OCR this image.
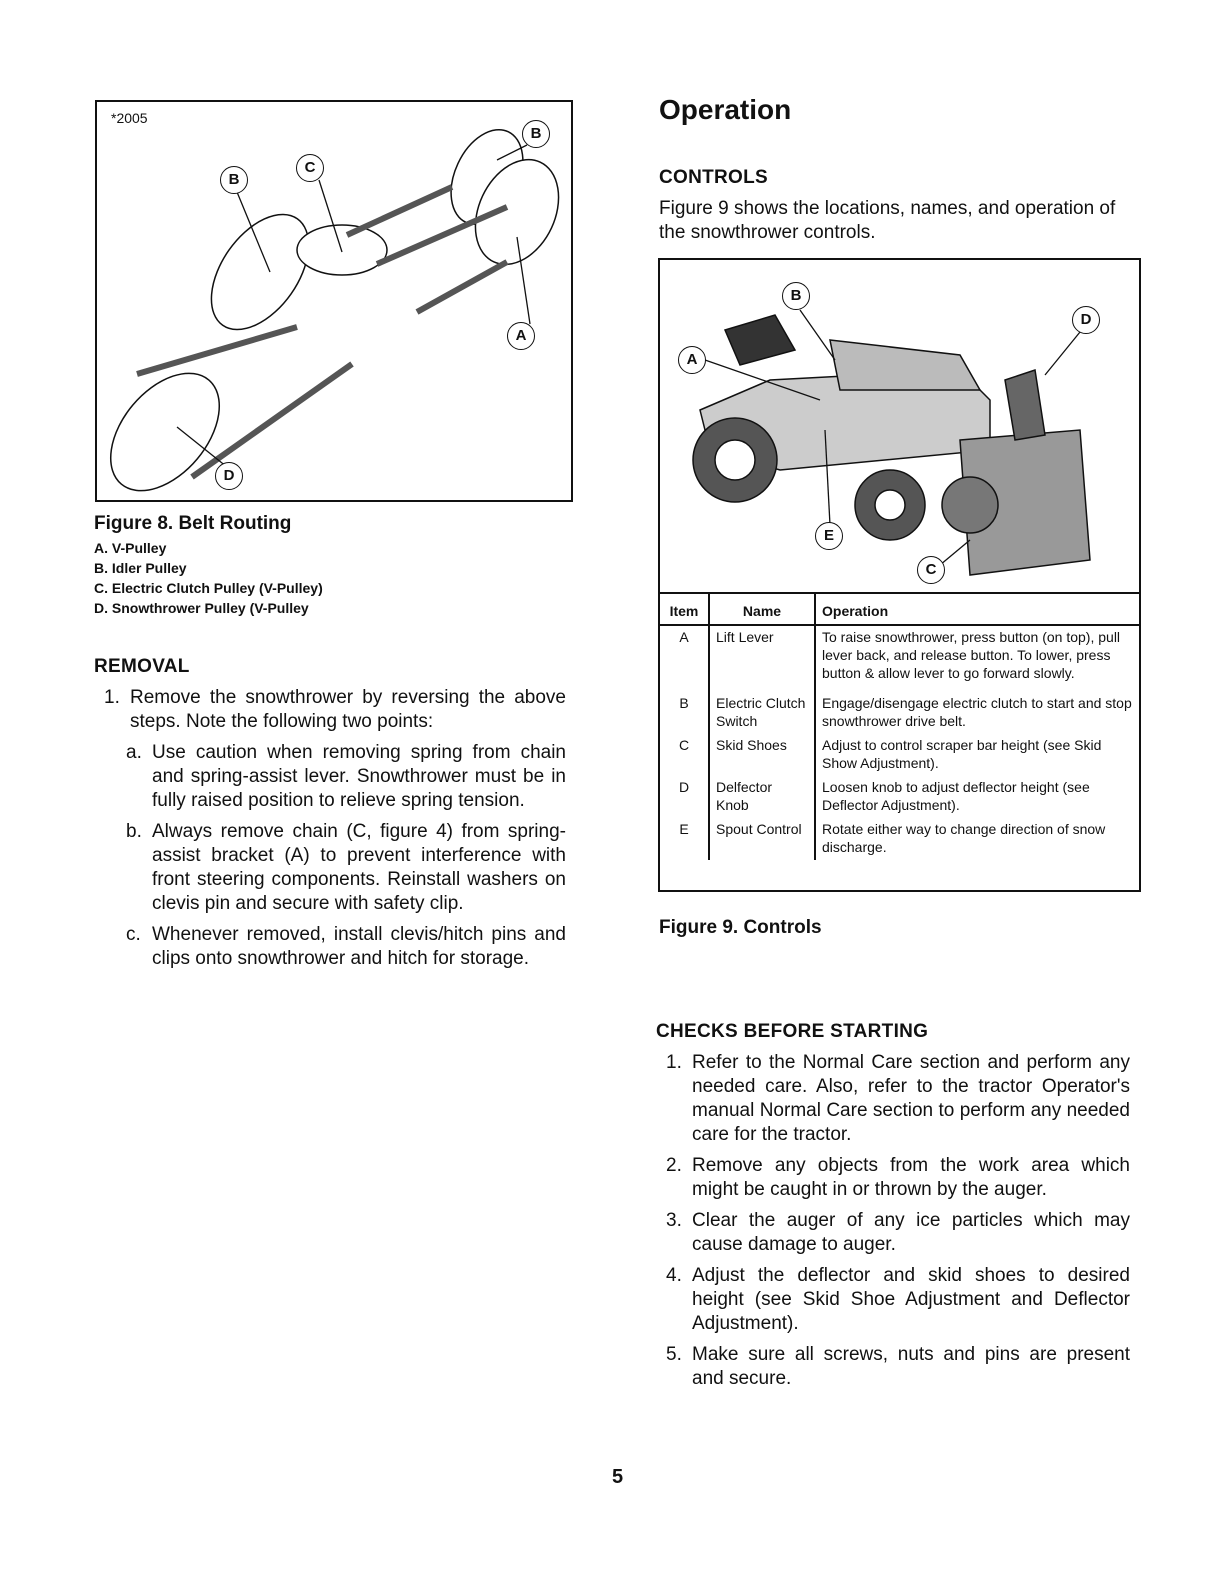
*2005
B
C
B
A
D
Figure 8. Belt Routing
A. V-Pulley
B. Idler Pulley
C. Electric Clutch Pulley (V-Pulley)
D. Snowthrower Pulley (V-Pulley
REMOVAL
1. Remove the snowthrower by reversing the above steps. Note the following two points:
a. Use caution when removing spring from chain and spring-assist lever. Snowthrower must be in fully raised position to relieve spring tension.
b. Always remove chain (C, figure 4) from spring-assist bracket (A) to prevent interference with front steering components. Reinstall washers on clevis pin and secure with safety clip.
c. Whenever removed, install clevis/hitch pins and clips onto snowthrower and hitch for storage.
Operation
CONTROLS
Figure 9 shows the locations, names, and operation of the snowthrower controls.
B
D
A
E
C
Item	Name	Operation
A	Lift Lever	To raise snowthrower, press button (on top), pull lever back, and release button. To lower, press button & allow lever to go forward slowly.
B	Electric Clutch Switch	Engage/disengage electric clutch to start and stop snowthrower drive belt.
C	Skid Shoes	Adjust to control scraper bar height (see Skid Show Adjustment).
D	Delfector Knob	Loosen knob to adjust deflector height (see Deflector Adjustment).
E	Spout Control	Rotate either way to change direction of snow discharge.
Figure 9. Controls
CHECKS BEFORE STARTING
1. Refer to the Normal Care section and perform any needed care. Also, refer to the tractor Operator's manual Normal Care section to perform any needed care for the tractor.
2. Remove any objects from the work area which might be caught in or thrown by the auger.
3. Clear the auger of any ice particles which may cause damage to auger.
4. Adjust the deflector and skid shoes to desired height (see Skid Shoe Adjustment and Deflector Adjustment).
5. Make sure all screws, nuts and pins are present and secure.
5
